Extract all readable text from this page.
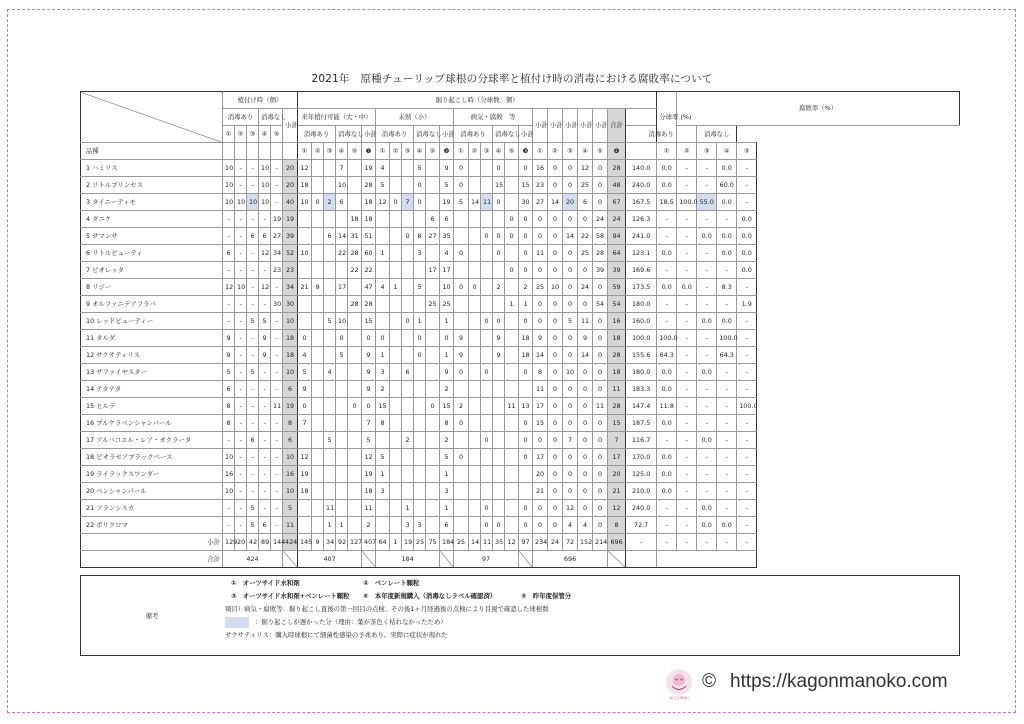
2021年　原種チューリップ球根の分球率と植付け時の消毒における腐敗率について
	植付け時（個）						掘り起こし時（分球数：個）																									分球率 (%)	腐敗率（%）			
	消毒あり			消毒なし		小計	来年植付可能（大・中）						未熟（小）						病気・腐敗　等						小計	小計	小計	小計	小計	合計						
	①	②	③	④	⑤		消毒あり			消毒なし		小計	消毒あり			消毒なし		小計	消毒あり			消毒なし		小計							消毒あり			消毒なし		
品種							①	②	③	④	⑤	❶	①	②	③	④	⑤	❷	①	②	③	④	⑤	❸	①	②	③	④	⑤	❹		①	②	③	④	⑤
1 ハミリス	10	-	-	10	-	20	12			7		19	4			5		9	0			0		0	16	0	0	12	0	28	140.0	0.0	-	-	0.0	-
2 リトルプリンセス	10	-	-	10	-	20	18			10		28	5			0		5	0			15		15	23	0	0	25	0	48	240.0	0.0	-	-	60.0	-
3 タイニーティモ	10	10	10	10	-	40	10	0	2	6		18	12	0	7	0		19	5	14	11	0		30	27	14	20	6	0	67	167.5	18.5	100.0	55.0	0.0	-
4 ダニケ	-	-	-	-	19	19					18	18					6	6					0	0	0	0	0	0	24	24	126.3	-	-	-	-	0.0
5 サマンサ	-	-	6	6	27	39			6	14	31	51			0	8	27	35			0	0	0	0	0	0	14	22	58	94	241.0	-	-	0.0	0.0	0.0
6 リトルビューティ	6	-	-	12	34	52	10			22	28	60	1			3		4	0			0		0	11	0	0	25	28	64	123.1	0.0	-	-	0.0	0.0
7 ピオレッタ	-	-	-	-	23	23					22	22					17	17					0	0	0	0	0	0	39	39	169.6	-	-	-	-	0.0
8 リジー	12	10	-	12	-	34	21	9		17		47	4	1		5		10	0	0		2		2	25	10	0	24	0	59	173.5	0.0	0.0	-	8.3	-
9 オルファニデアフラバ	-	-	-	-	30	30					28	28					25	25					1	1	0	0	0	0	54	54	180.0	-	-	-	-	1.9
10 レッドビューティー	-	-	5	5	-	10			5	10		15			0	1		1			0	0		0	0	0	5	11	0	16	160.0	-	-	0.0	0.0	-
11 タルダ	9	-	-	9	-	18	0			0		0	0			0		0	9			9		18	9	0	0	9	0	18	100.0	100.0	-	-	100.0	-
12 サクサティリス	9	-	-	9	-	18	4			5		9	1			0		1	9			9		18	14	0	0	14	0	28	155.6	64.3	-	-	64.3	-
13 サファイヤスター	5	-	5	-	-	10	5		4			9	3		6			9	0		0			0	8	0	10	0	0	18	180.0	0.0	-	0.0	-	-
14 テタテタ	6	-	-	-	-	6	9					9	2					2							11	0	0	0	0	11	183.3	0.0	-	-	-	-
15 ヒルデ	8	-	-	-	11	19	0				0	0	15				0	15	2				11	13	17	0	0	0	11	28	147.4	11.8	-	-	-	100.0
16 プルケラベンシャンパール	8	-	-	-	-	8	7					7	8					8	0					0	15	0	0	0	0	15	187.5	0.0	-	-	-	-
17 アルバコエル・レア・オクラータ	-	-	6	-	-	6			5			5			2			2			0			0	0	0	7	0	0	7	116.7	-	-	0.0	-	-
18 ピオラセアブラックベース	10	-	-	-	-	10	12					12	5					5	0					0	17	0	0	0	0	17	170.0	0.0	-	-	-	-
19 ライラックスワンダー	16	-	-	-	-	16	19					19	1					1							20	0	0	0	0	20	125.0	0.0	-	-	-	-
20 ベンシャンパール	10	-	-	-	-	10	18					18	3					3							21	0	0	0	0	21	210.0	0.0	-	-	-	-
21 フランシスカ	-	-	5	-	-	5			11			11			1			1			0			0	0	0	12	0	0	12	240.0	-	-	0.0	-	-
22 ポリクロマ	-	-	5	6	-	11			1	1		2			3	3		6			0	0		0	0	0	4	4	0	8	72.7	-	-	0.0	0.0	-
小計	129	20	42	89	144	424	145	9	34	92	127	407	64	1	19	25	75	184	25	14	11	35	12	97	234	24	72	152	214	696	-	-	-	-	-	-
合計	424						407						184						97						696											
備考	
①　オーツサイド水和剤	②　ベンレート顆粒
③　オーツサイド水和剤+ベンレート顆粒 ④　本年度新規購入（消毒なしラベル確認済）	⑤　昨年度保管分
項目）病気・腐敗等：掘り起こし直後の第一回目の点検、その後1ヶ月経過後の点検により目視で確認した球根数
：掘り起こしが遅かった分（理由：葉が茶色く枯れなかったため）
サクサティリス：購入時球根にて細菌性感染の予兆あり。実際に症状が現れた
かごんまのこ
© https://kagonmanoko.com
